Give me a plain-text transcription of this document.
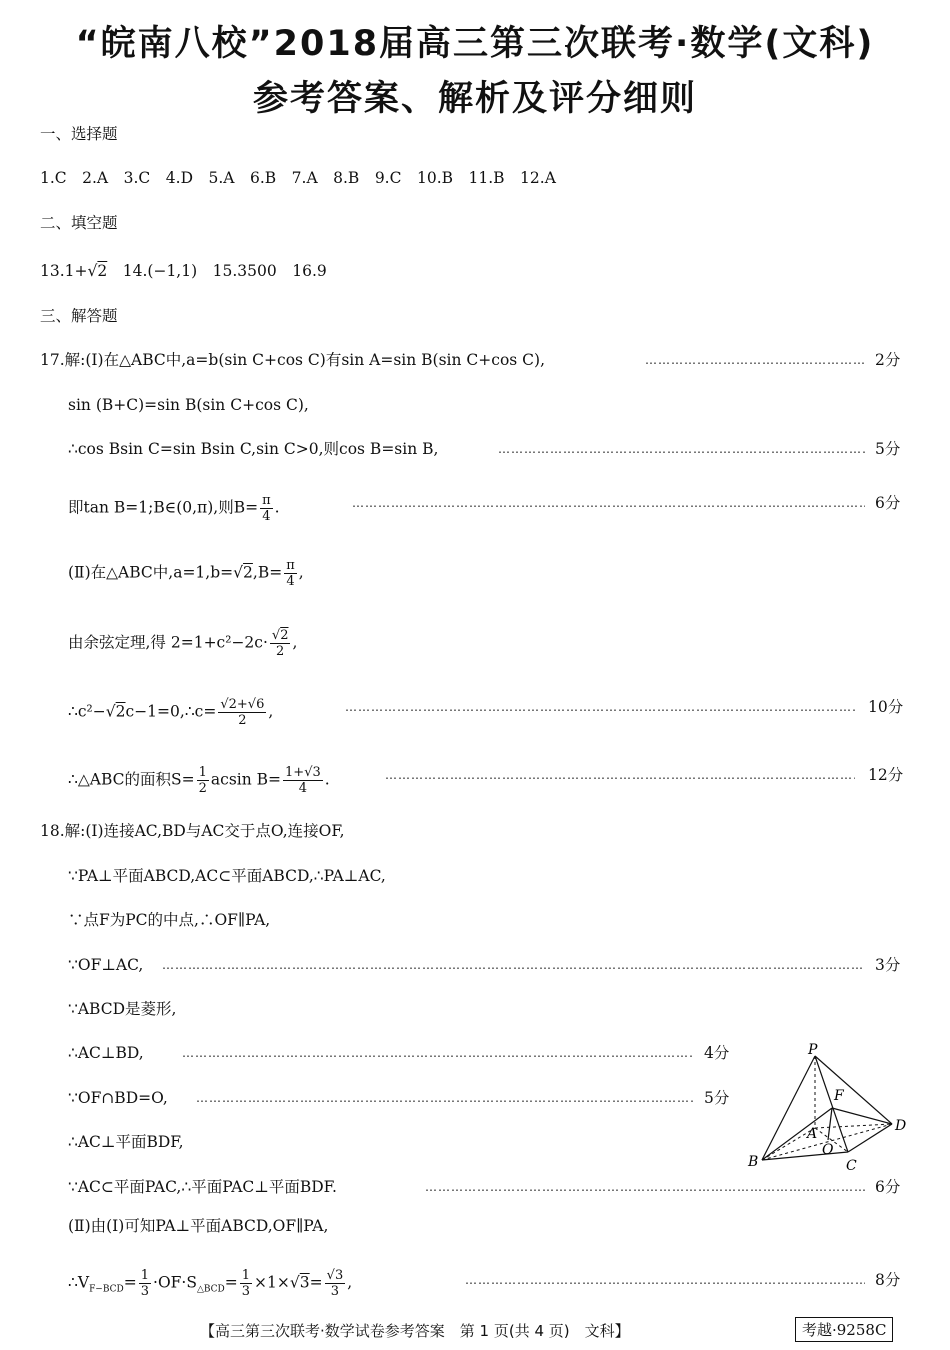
“皖南八校”2018届高三第三次联考·数学(文科)
参考答案、解析及评分细则
一、选择题
1.C　2.A　3.C　4.D　5.A　6.B　7.A　8.B　9.C　10.B　11.B　12.A
二、填空题
13.1+√2　14.(−1,1)　15.3500　16.9
三、解答题
17.解:(Ⅰ)在△ABC中,a=b(sin C+cos C)有sin A=sin B(sin C+cos C), ……………………………………………………………………………………………………………………………………………………………………………………………	2分
sin (B+C)=sin B(sin C+cos C),
∴cos Bsin C=sin Bsin C,sin C>0,则cos B=sin B, ……………………………………………………………………………………………………………………………………………………………………………………………	5分
即tan B=1;B∈(0,π),则$B= \frac{\pi}{4}$ . ……………………………………………………………………………………………………………………………………………………………………………………………	6分
(Ⅱ)在△ABC中$,a=1,b=√2,B= \frac{\pi}{4}$ ,
由余弦定理,得 $2=1+c^2-2c\cdot \frac{√2}{2}$ ,
∴c²−√2c−1=0,∴c= $\frac{√2+√6}{2}$ , ……………………………………………………………………………………………………………………………………………………………………………………………	10分
∴△ABC的面积$S= \frac{1}{2}$ acsin $B= \frac{1+√3}{4}$ . ……………………………………………………………………………………………………………………………………………………………………………………………	12分
18.解:(Ⅰ)连接AC,BD与AC交于点O,连接OF,
∵PA⊥平面ABCD,AC⊂平面ABCD,∴PA⊥AC,
∵点F为PC的中点,∴OF∥PA,
∵OF⊥AC, ……………………………………………………………………………………………………………………………………………………………………………………………	3分
∵ABCD是菱形,
∴AC⊥BD, ……………………………………………………………………………………………………………………………………………………………………………………………	4分
∵OF∩BD=O, ……………………………………………………………………………………………………………………………………………………………………………………………	5分
∴AC⊥平面BDF,
∵AC⊂平面PAC,∴平面PAC⊥平面BDF. ……………………………………………………………………………………………………………………………………………………………………………………………	6分
(Ⅱ)由(Ⅰ)可知PA⊥平面ABCD,OF∥PA,
$\therefore V_{F-BCD}= \frac{1}{3} \cdot OF\cdot S_{\triangle BCD}= \frac{1}{3} \times 1\times√3= \frac{√3}{3}$ , ……………………………………………………………………………………………………………………………………………………………………………………………	8分
P
F
A
O
D
B	C
【高三第三次联考·数学试卷参考答案　第 1 页(共 4 页)　文科】	考越·9258C
